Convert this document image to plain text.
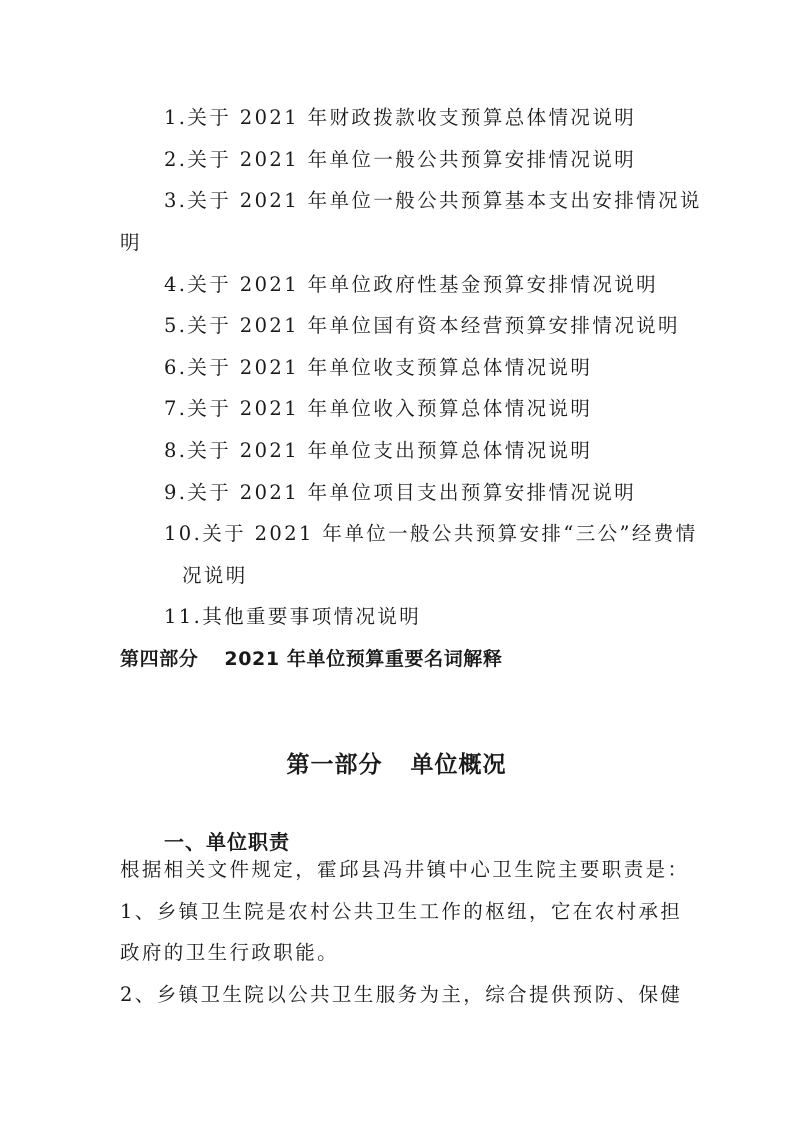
1.关于 2021 年财政拨款收支预算总体情况说明
2.关于 2021 年单位一般公共预算安排情况说明
3.关于 2021 年单位一般公共预算基本支出安排情况说
明
4.关于 2021 年单位政府性基金预算安排情况说明
5.关于 2021 年单位国有资本经营预算安排情况说明
6.关于 2021 年单位收支预算总体情况说明
7.关于 2021 年单位收入预算总体情况说明
8.关于 2021 年单位支出预算总体情况说明
9.关于 2021 年单位项目支出预算安排情况说明
10.关于 2021 年单位一般公共预算安排“三公”经费情
况说明
11.其他重要事项情况说明
第四部分 2021 年单位预算重要名词解释
第一部分 单位概况
一、单位职责
根据相关文件规定，霍邱县冯井镇中心卫生院主要职责是：
1、乡镇卫生院是农村公共卫生工作的枢纽，它在农村承担
政府的卫生行政职能。
2、乡镇卫生院以公共卫生服务为主，综合提供预防、保健
